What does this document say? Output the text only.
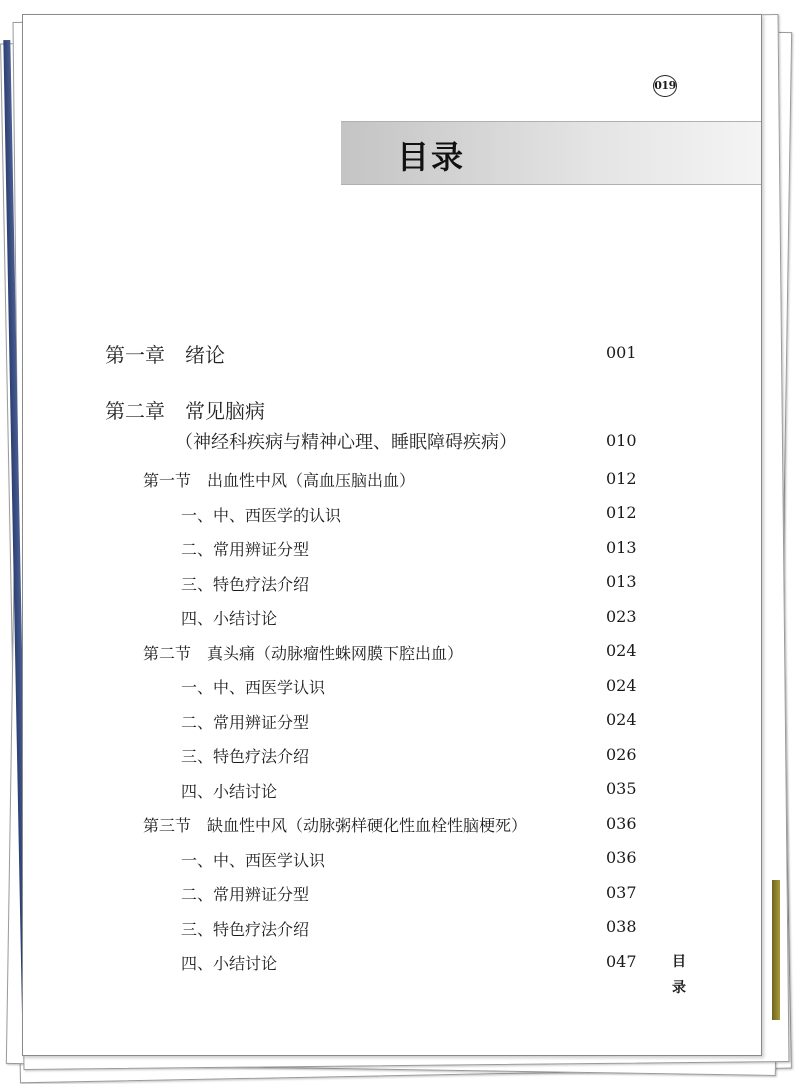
019
目录
第一章　绪论	001
第二章　常见脑病
（神经科疾病与精神心理、睡眠障碍疾病）	010
第一节　出血性中风（高血压脑出血）	012
一、中、西医学的认识	012
二、常用辨证分型	013
三、特色疗法介绍	013
四、小结讨论	023
第二节　真头痛（动脉瘤性蛛网膜下腔出血）	024
一、中、西医学认识	024
二、常用辨证分型	024
三、特色疗法介绍	026
四、小结讨论	035
第三节　缺血性中风（动脉粥样硬化性血栓性脑梗死）	036
一、中、西医学认识	036
二、常用辨证分型	037
三、特色疗法介绍	038
四、小结讨论	047	目
录
